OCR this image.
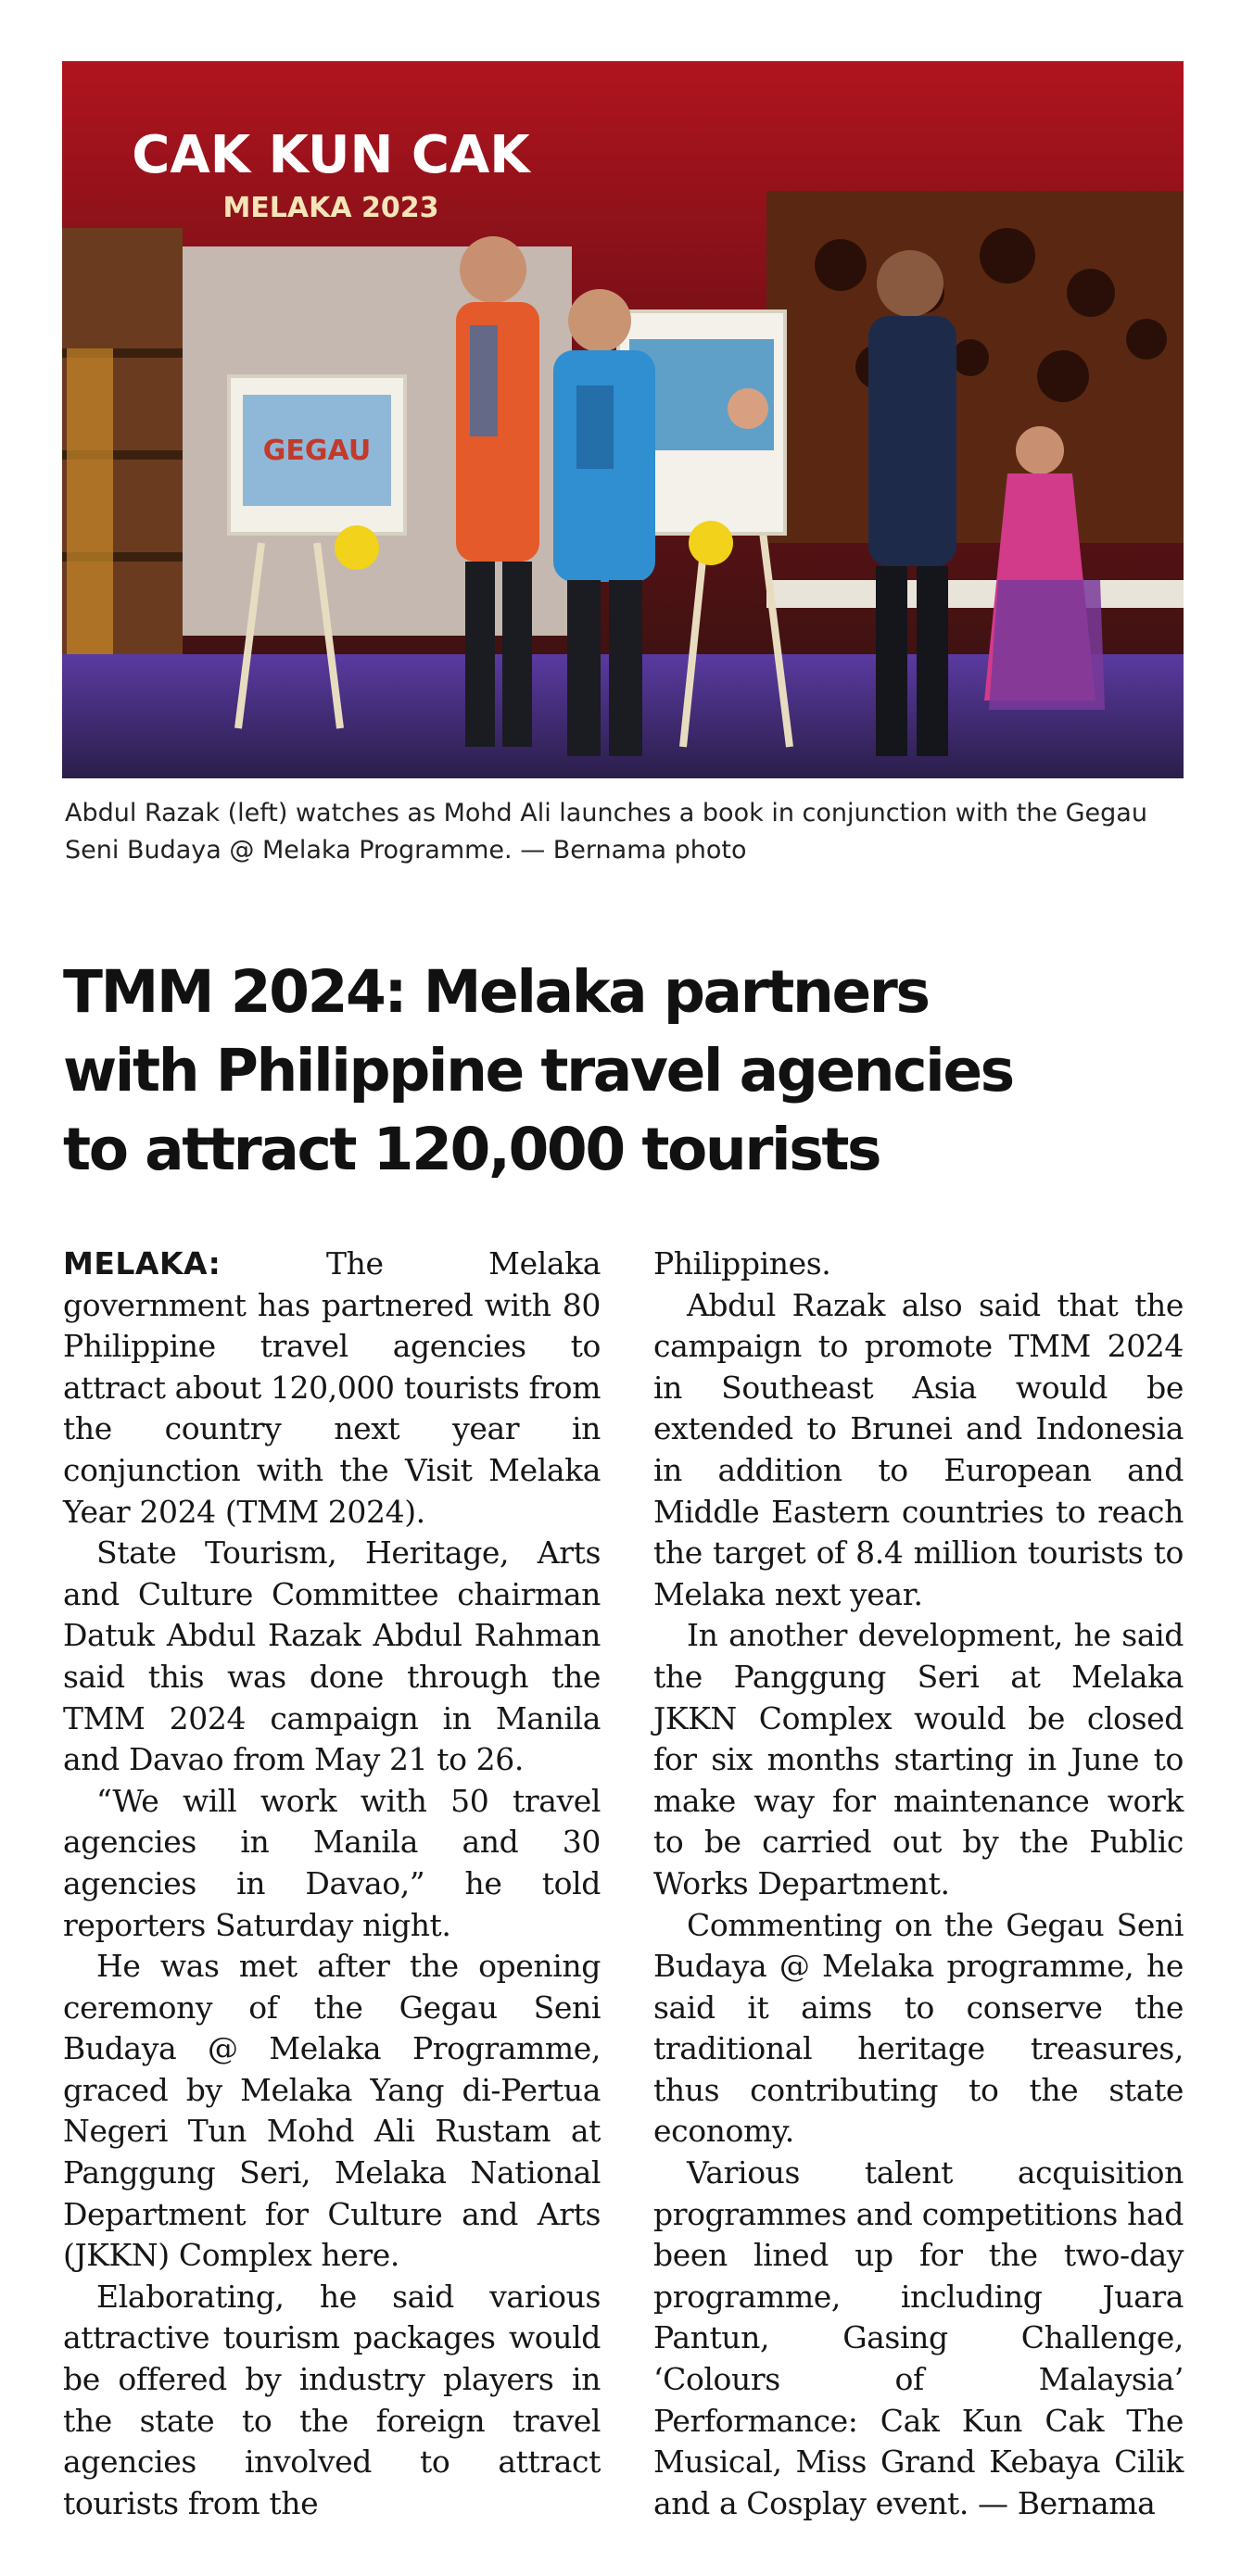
CAK KUN CAK
MELAKA 2023
GEGAU
Abdul Razak (left) watches as Mohd Ali launches a book in conjunction with the Gegau Seni Budaya @ Melaka Programme. — Bernama photo
TMM 2024: Melaka partners
with Philippine travel agencies
to attract 120,000 tourists

MELAKA:	The Melaka government has partnered with 80 Philippine travel agencies to attract about 120,000 tourists from the country next year in conjunction with the Visit Melaka Year 2024 (TMM 2024).

State Tourism, Heritage, Arts and Culture Committee chairman Datuk Abdul Razak Abdul Rahman said this was done through the TMM 2024 campaign in Manila and Davao from May 21 to 26.

“We will work with 50 travel agencies in Manila and 30 agencies in Davao,” he told reporters Saturday night.

He was met after the opening ceremony of the Gegau Seni Budaya @ Melaka Programme, graced by Melaka Yang di-Pertua Negeri Tun Mohd Ali Rustam at Panggung Seri, Melaka National Department for Culture and Arts (JKKN) Complex here.

Elaborating, he said various attractive tourism packages would be offered by industry players in the state to the foreign travel agencies involved to attract tourists from the

Philippines.

Abdul Razak also said that the campaign to promote TMM 2024 in Southeast Asia would be extended to Brunei and Indonesia in addition to European and Middle Eastern countries to reach the target of 8.4 million tourists to Melaka next year.

In another development, he said the Panggung Seri at Melaka JKKN Complex would be closed for six months starting in June to make way for maintenance work to be carried out by the Public Works Department.

Commenting on the Gegau Seni Budaya @ Melaka programme, he said it aims to conserve the traditional heritage treasures, thus contributing to the state economy.

Various talent acquisition programmes and competitions had been lined up for the two-day programme, including Juara Pantun, Gasing Challenge, ‘Colours of Malaysia’ Performance: Cak Kun Cak The Musical, Miss Grand Kebaya Cilik and a Cosplay event. — Bernama
